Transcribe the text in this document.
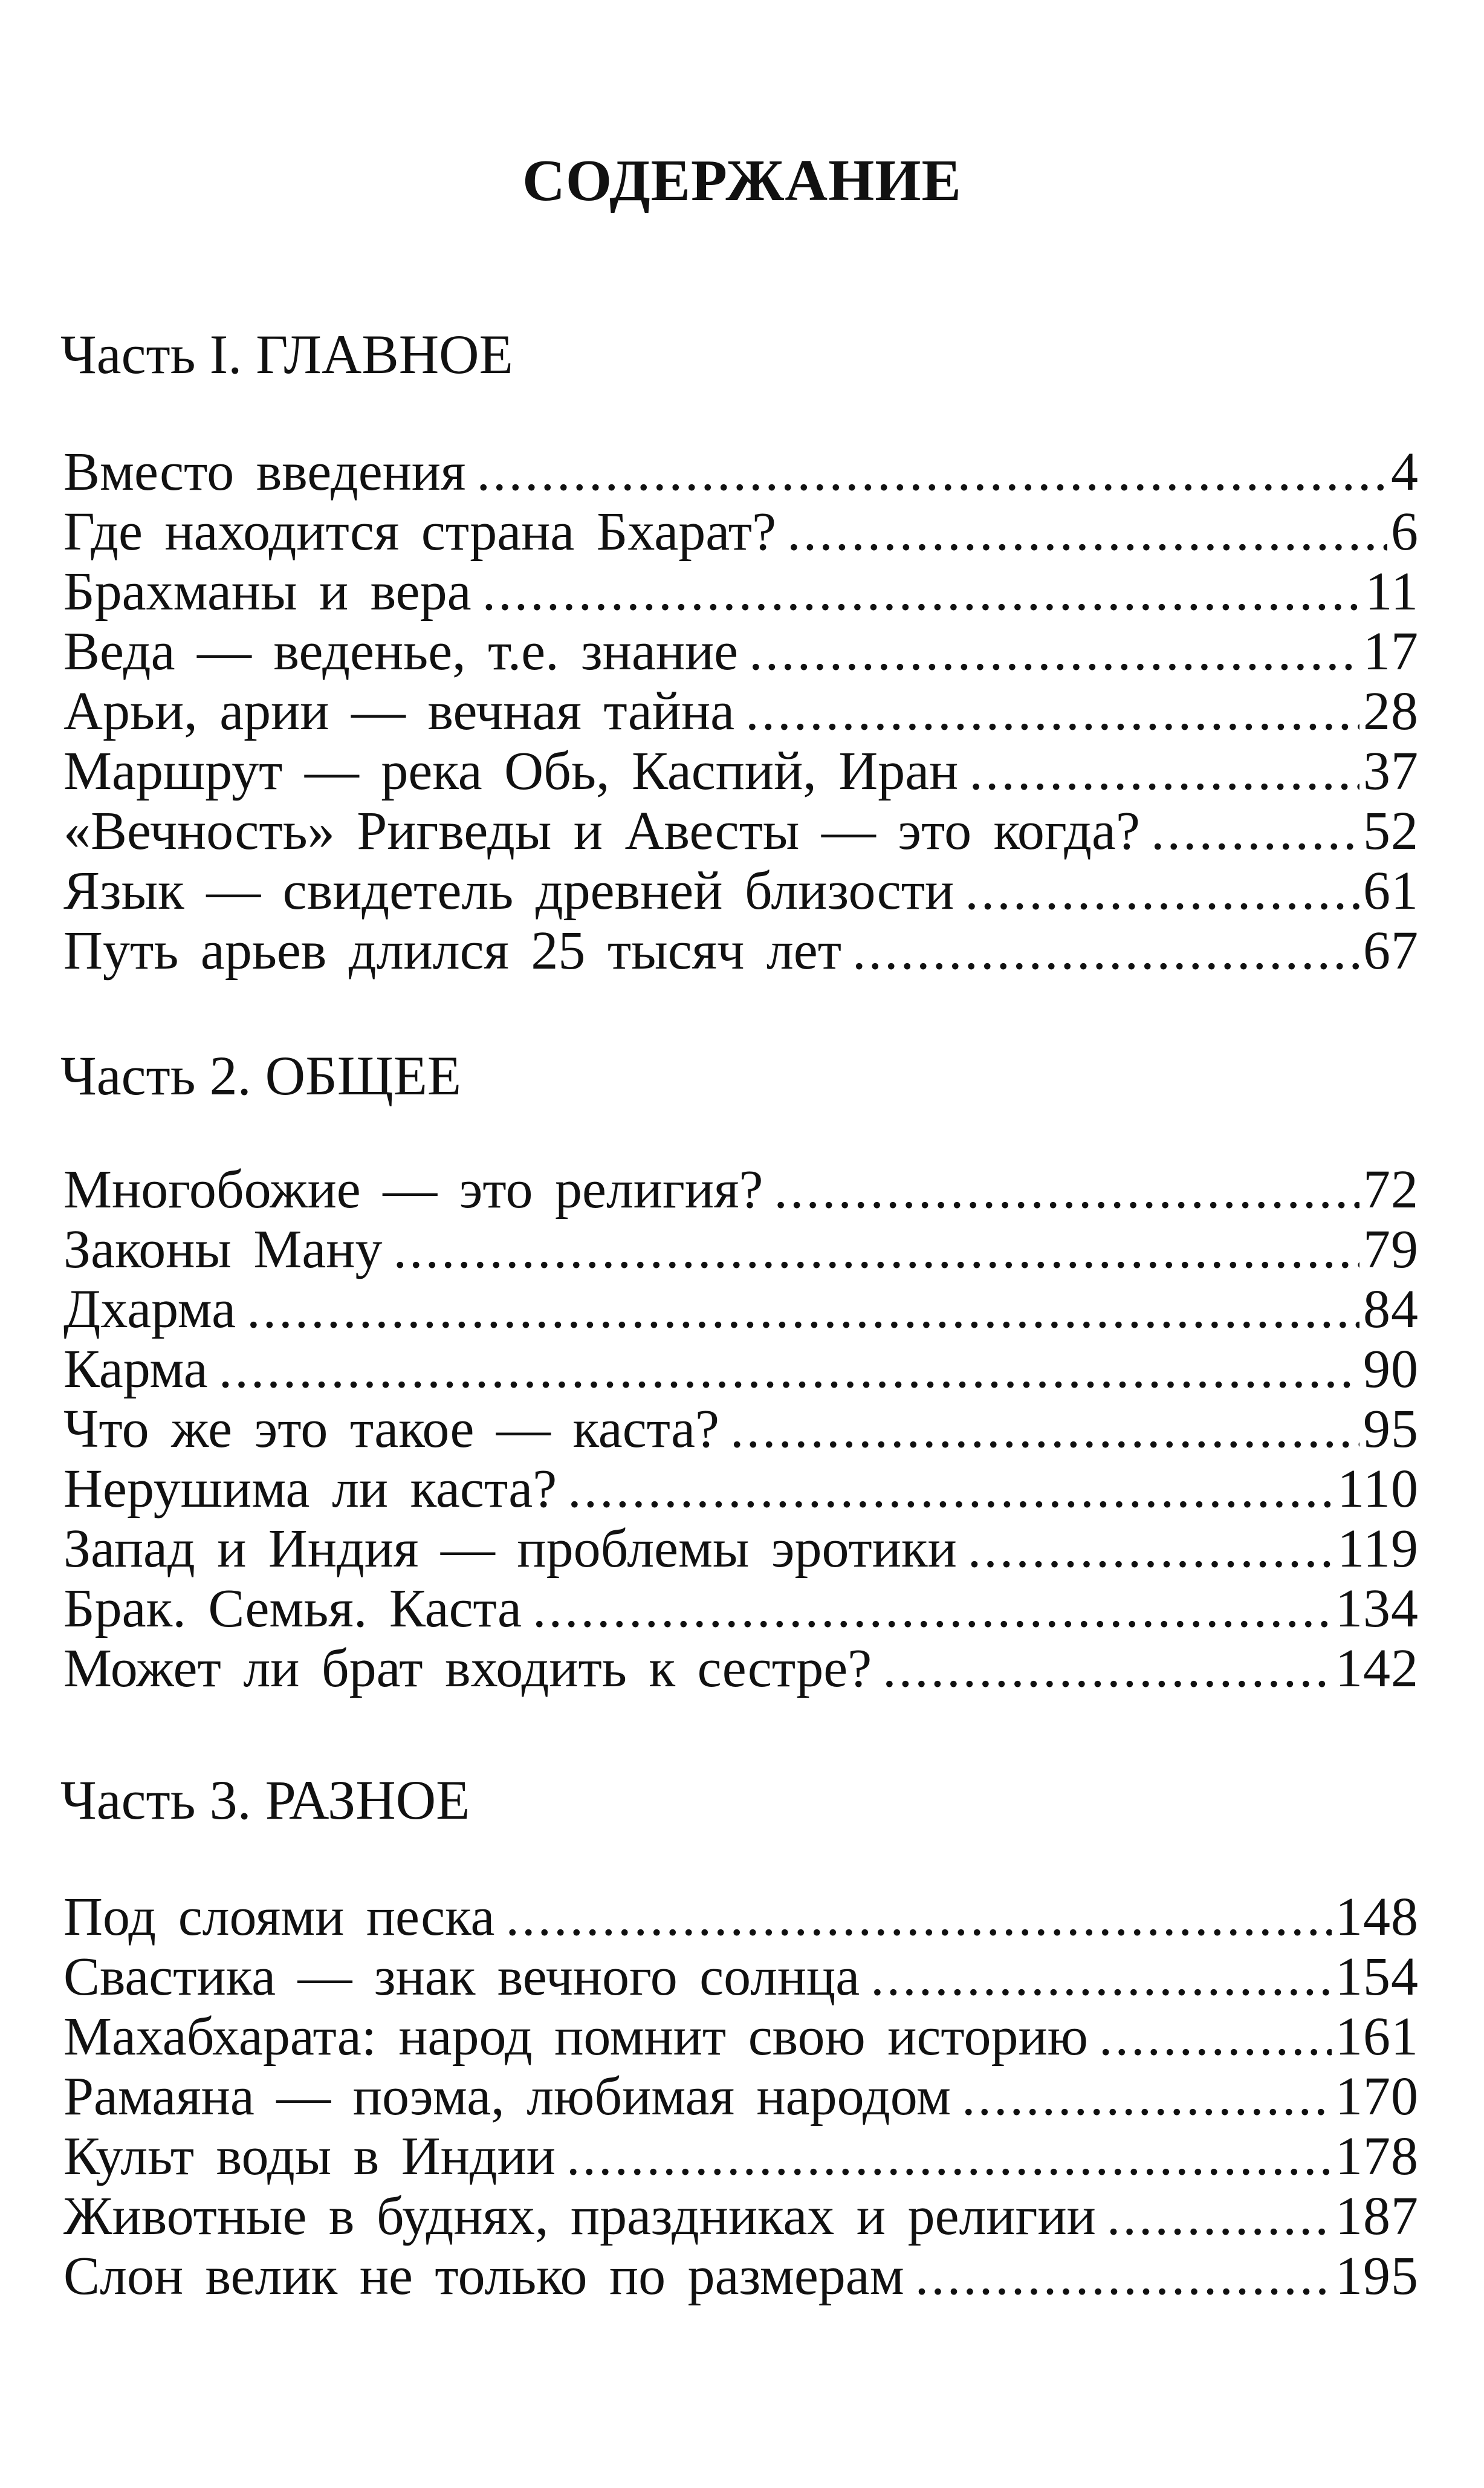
СОДЕРЖАНИЕ
Часть I. ГЛАВНОЕ
Вместо введения .....	4
Где находится страна Бхарат? .....	6
Брахманы и вера .....	11
Веда — веденье, т.е. знание .....	17
Арьи, арии — вечная тайна .....	28
Маршрут — река Обь, Каспий, Иран .....	37
«Вечность» Ригведы и Авесты — это когда? .....	52
Язык — свидетель древней близости .....	61
Путь арьев длился 25 тысяч лет .....	67
Часть 2. ОБЩЕЕ
Многобожие — это религия? .....	72
Законы Ману .....	79
Дхарма .....	84
Карма .....	90
Что же это такое — каста? .....	95
Нерушима ли каста? .....	110
Запад и Индия — проблемы эротики .....	119
Брак. Семья. Каста .....	134
Может ли брат входить к сестре? .....	142
Часть 3. РАЗНОЕ
Под слоями песка .....	148
Свастика — знак вечного солнца .....	154
Махабхарата: народ помнит свою историю .....	161
Рамаяна — поэма, любимая народом .....	170
Культ воды в Индии .....	178
Животные в буднях, праздниках и религии .....	187
Слон велик не только по размерам .....	195
